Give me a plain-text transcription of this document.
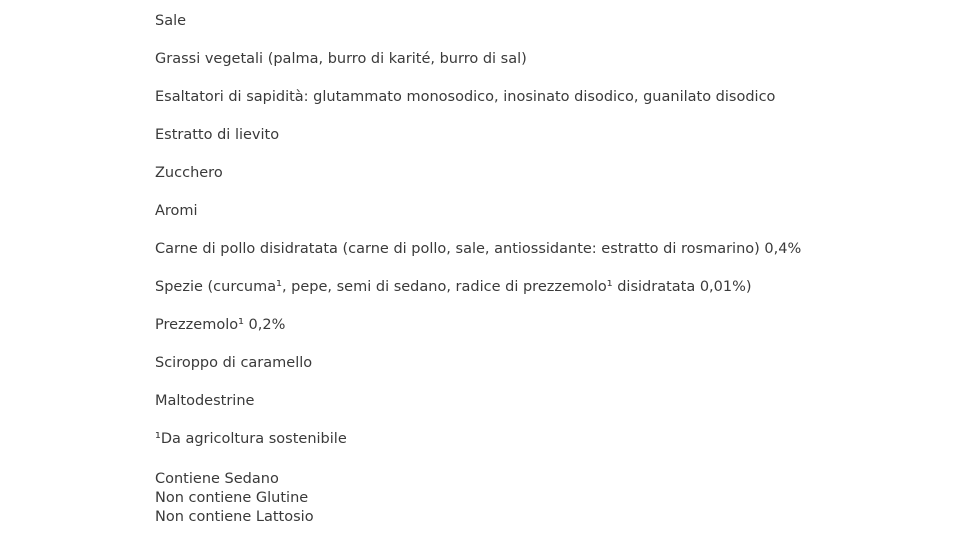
Sale
Grassi vegetali (palma, burro di karité, burro di sal)
Esaltatori di sapidità: glutammato monosodico, inosinato disodico, guanilato disodico
Estratto di lievito
Zucchero
Aromi
Carne di pollo disidratata (carne di pollo, sale, antiossidante: estratto di rosmarino) 0,4%
Spezie (curcuma¹, pepe, semi di sedano, radice di prezzemolo¹ disidratata 0,01%)
Prezzemolo¹ 0,2%
Sciroppo di caramello
Maltodestrine
¹Da agricoltura sostenibile
Contiene Sedano
Non contiene Glutine
Non contiene Lattosio
